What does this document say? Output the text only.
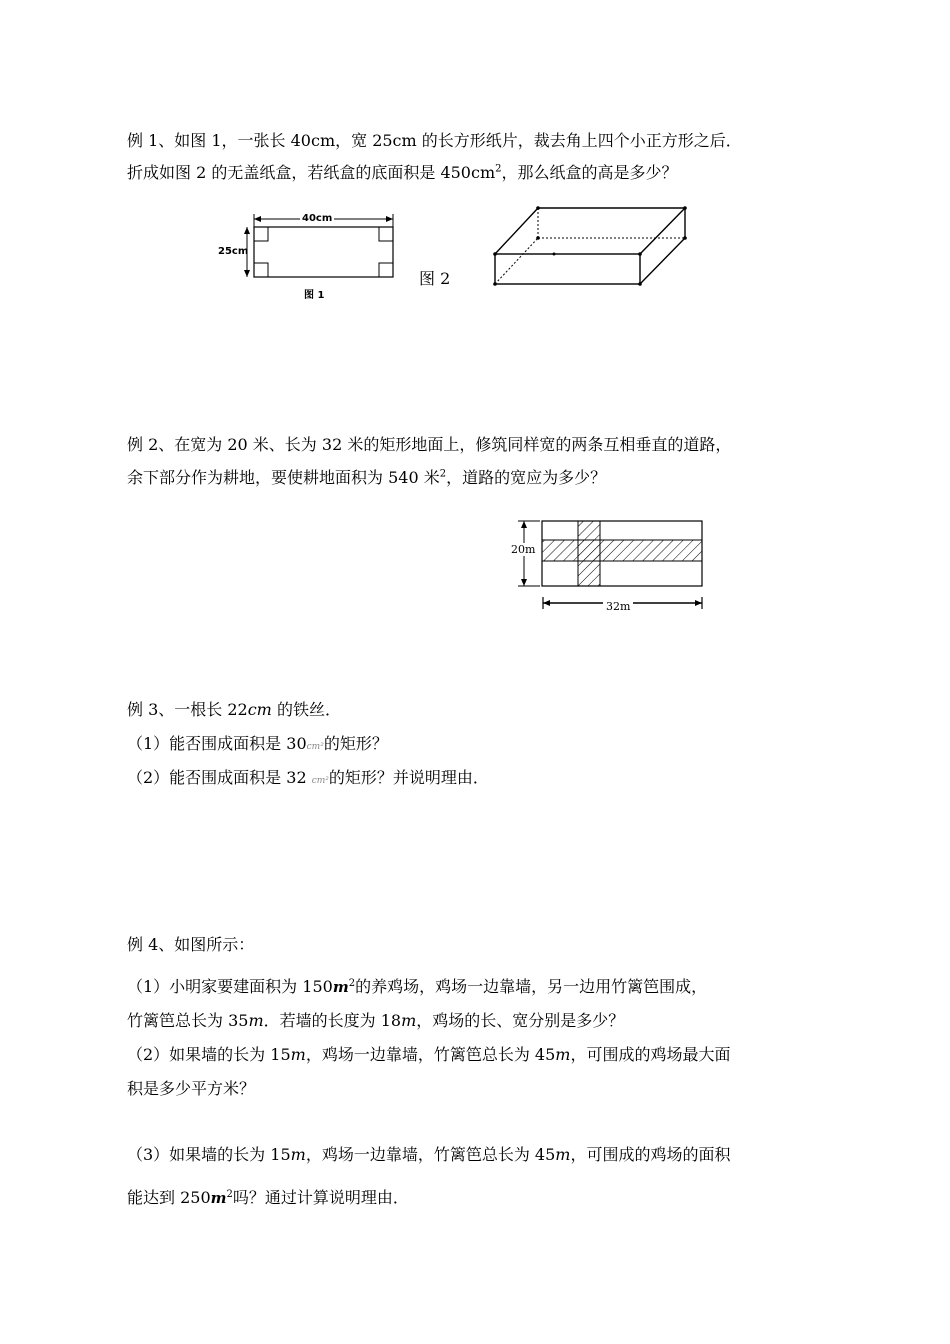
例 1、如图 1，一张长 40cm，宽 25cm 的长方形纸片，裁去角上四个小正方形之后．
折成如图 2 的无盖纸盒，若纸盒的底面积是 $450cm^2$，那么纸盒的高是多少？
40cm
25cm
图 1
图 2
例 2、在宽为 20 米、长为 32 米的矩形地面上，修筑同样宽的两条互相垂直的道路，
余下部分作为耕地，要使耕地面积为 540 米$^2$，道路的宽应为多少？
20m
32m
例 3、一根长 22cm 的铁丝．
（1）能否围成面积是 30cm²的矩形？
（2）能否围成面积是 32 cm²的矩形？并说明理由．
例 4、如图所示：
（1）小明家要建面积为 $150m^2$的养鸡场，鸡场一边靠墙，另一边用竹篱笆围成，
竹篱笆总长为 35m．若墙的长度为 18m，鸡场的长、宽分别是多少？
（2）如果墙的长为 15m，鸡场一边靠墙，竹篱笆总长为 45m，可围成的鸡场最大面
积是多少平方米？
（3）如果墙的长为 15m，鸡场一边靠墙，竹篱笆总长为 45m，可围成的鸡场的面积
能达到 $250m^2$吗？通过计算说明理由．
